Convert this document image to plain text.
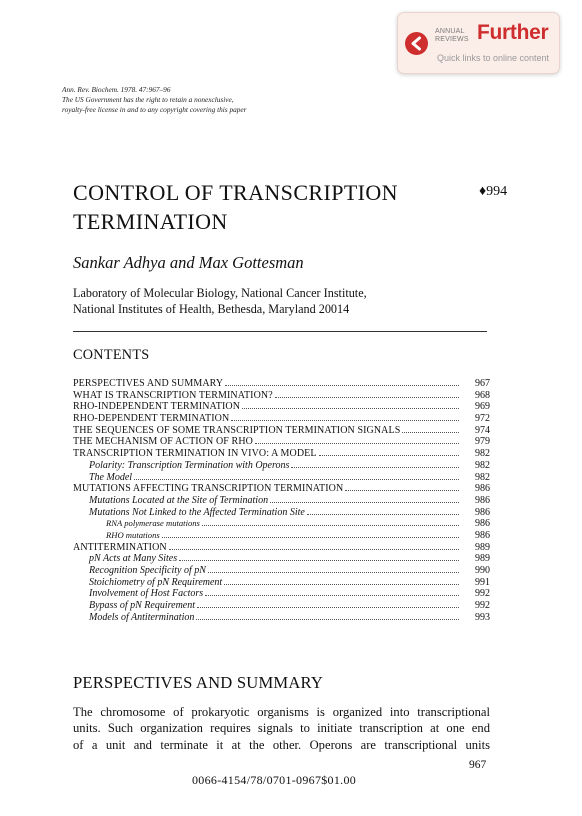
ANNUAL
REVIEWS Further
Quick links to online content
Ann. Rev. Biochem. 1978. 47:967–96
The US Government has the right to retain a nonexclusive,
royalty-free license in and to any copyright covering this paper
CONTROL OF TRANSCRIPTION
TERMINATION
♦994
Sankar Adhya and Max Gottesman
Laboratory of Molecular Biology, National Cancer Institute,
National Institutes of Health, Bethesda, Maryland 20014
CONTENTS
PERSPECTIVES AND SUMMARY	967
WHAT IS TRANSCRIPTION TERMINATION?	968
RHO-INDEPENDENT TERMINATION	969
RHO-DEPENDENT TERMINATION	972
THE SEQUENCES OF SOME TRANSCRIPTION TERMINATION SIGNALS	974
THE MECHANISM OF ACTION OF RHO	979
TRANSCRIPTION TERMINATION IN VIVO: A MODEL	982
Polarity: Transcription Termination with Operons	982
The Model	982
MUTATIONS AFFECTING TRANSCRIPTION TERMINATION	986
Mutations Located at the Site of Termination	986
Mutations Not Linked to the Affected Termination Site	986
RNA polymerase mutations	986
RHO mutations	986
ANTITERMINATION	989
pN Acts at Many Sites	989
Recognition Specificity of pN	990
Stoichiometry of pN Requirement	991
Involvement of Host Factors	992
Bypass of pN Requirement	992
Models of Antitermination	993
PERSPECTIVES AND SUMMARY
The chromosome of prokaryotic organisms is organized into transcriptional
units. Such organization requires signals to initiate transcription at one end
of a unit and terminate it at the other. Operons are transcriptional units
967
0066-4154/78/0701-0967$01.00
